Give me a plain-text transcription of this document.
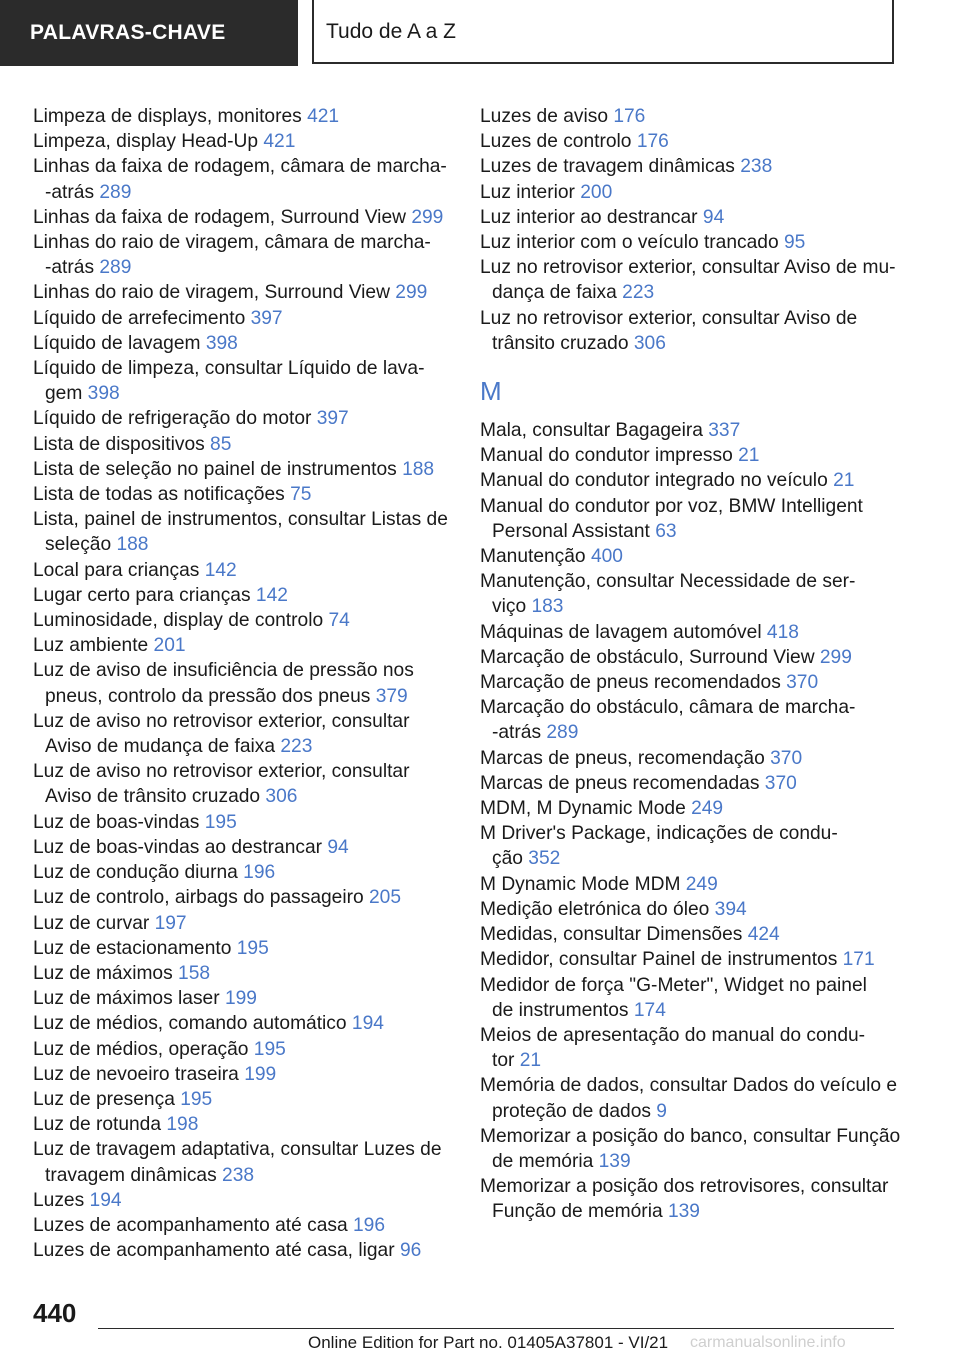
PALAVRAS-CHAVE	Tudo de A a Z
Limpeza de displays, monitores 421
Limpeza, display Head-Up 421
Linhas da faixa de rodagem, câmara de marcha-
-atrás 289
Linhas da faixa de rodagem, Surround View 299
Linhas do raio de viragem, câmara de marcha-
-atrás 289
Linhas do raio de viragem, Surround View 299
Líquido de arrefecimento 397
Líquido de lavagem 398
Líquido de limpeza, consultar Líquido de lava-
gem 398
Líquido de refrigeração do motor 397
Lista de dispositivos 85
Lista de seleção no painel de instrumentos 188
Lista de todas as notificações 75
Lista, painel de instrumentos, consultar Listas de
seleção 188
Local para crianças 142
Lugar certo para crianças 142
Luminosidade, display de controlo 74
Luz ambiente 201
Luz de aviso de insuficiência de pressão nos
pneus, controlo da pressão dos pneus 379
Luz de aviso no retrovisor exterior, consultar
Aviso de mudança de faixa 223
Luz de aviso no retrovisor exterior, consultar
Aviso de trânsito cruzado 306
Luz de boas-vindas 195
Luz de boas-vindas ao destrancar 94
Luz de condução diurna 196
Luz de controlo, airbags do passageiro 205
Luz de curvar 197
Luz de estacionamento 195
Luz de máximos 158
Luz de máximos laser 199
Luz de médios, comando automático 194
Luz de médios, operação 195
Luz de nevoeiro traseira 199
Luz de presença 195
Luz de rotunda 198
Luz de travagem adaptativa, consultar Luzes de
travagem dinâmicas 238
Luzes 194
Luzes de acompanhamento até casa 196
Luzes de acompanhamento até casa, ligar 96
Luzes de aviso 176
Luzes de controlo 176
Luzes de travagem dinâmicas 238
Luz interior 200
Luz interior ao destrancar 94
Luz interior com o veículo trancado 95
Luz no retrovisor exterior, consultar Aviso de mu-
dança de faixa 223
Luz no retrovisor exterior, consultar Aviso de
trânsito cruzado 306
M
Mala, consultar Bagageira 337
Manual do condutor impresso 21
Manual do condutor integrado no veículo 21
Manual do condutor por voz, BMW Intelligent
Personal Assistant 63
Manutenção 400
Manutenção, consultar Necessidade de ser-
viço 183
Máquinas de lavagem automóvel 418
Marcação de obstáculo, Surround View 299
Marcação de pneus recomendados 370
Marcação do obstáculo, câmara de marcha-
-atrás 289
Marcas de pneus, recomendação 370
Marcas de pneus recomendadas 370
MDM, M Dynamic Mode 249
M Driver's Package, indicações de condu-
ção 352
M Dynamic Mode MDM 249
Medição eletrónica do óleo 394
Medidas, consultar Dimensões 424
Medidor, consultar Painel de instrumentos 171
Medidor de força "G-Meter", Widget no painel
de instrumentos 174
Meios de apresentação do manual do condu-
tor 21
Memória de dados, consultar Dados do veículo e
proteção de dados 9
Memorizar a posição do banco, consultar Função
de memória 139
Memorizar a posição dos retrovisores, consultar
Função de memória 139
440
Online Edition for Part no. 01405A37801 - VI/21 carmanualsonline.info
